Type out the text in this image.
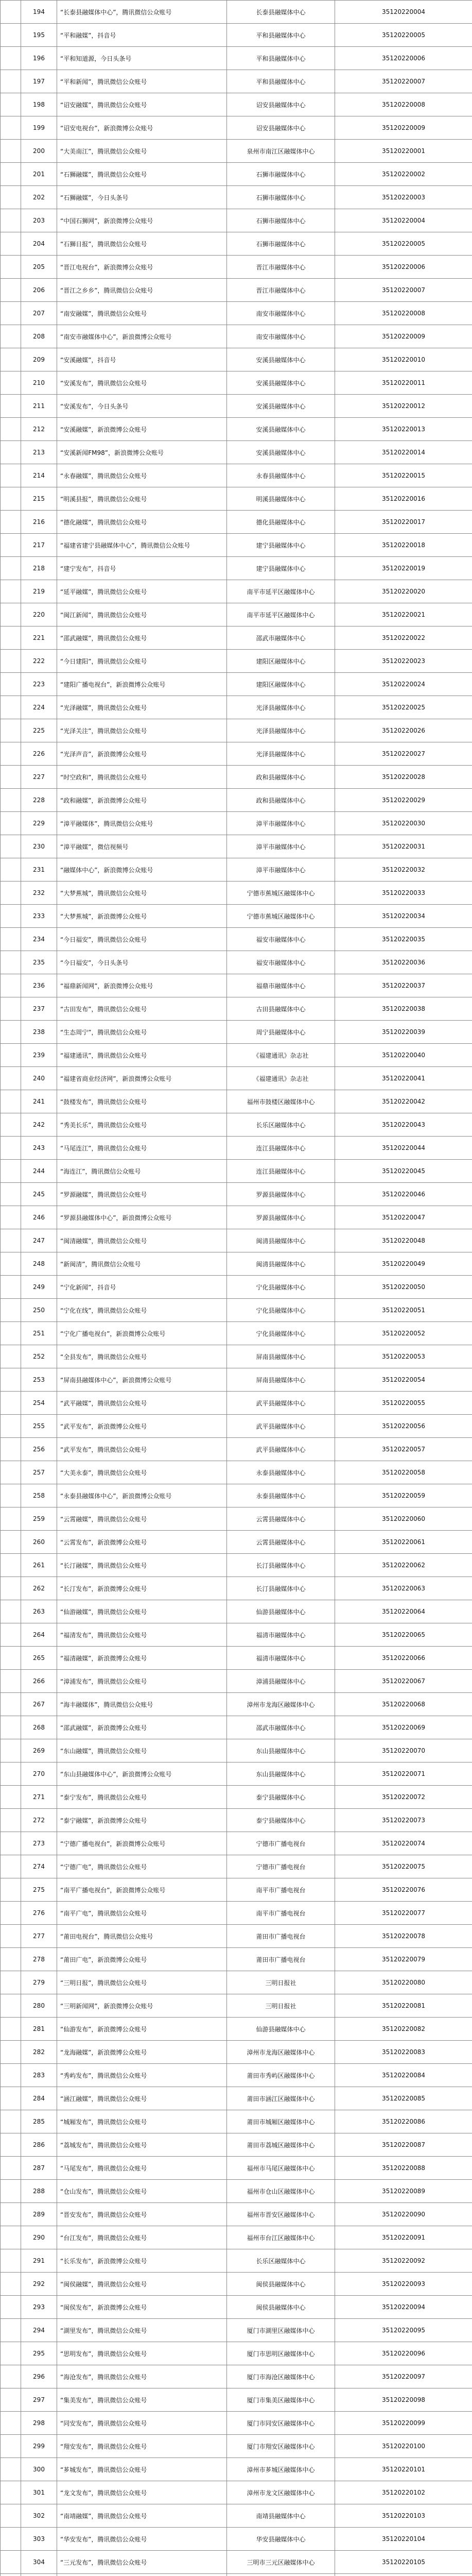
	194	“长泰县融媒体中心”，腾讯微信公众账号	长泰县融媒体中心	35120220004
	195	“平和融媒”，抖音号	平和县融媒体中心	35120220005
	196	“平和知道源，今日头条号	平和县融媒体中心	35120220006
	197	“平和新闻”，腾讯微信公众账号	平和县融媒体中心	35120220007
	198	“诏安融媒”，腾讯微信公众账号	诏安县融媒体中心	35120220008
	199	“诏安电视台”，新浪微博公众账号	诏安县融媒体中心	35120220009
	200	“大美南江”，腾讯微信公众账号	泉州市南江区融媒体中心	35120220001
	201	“石狮融媒”，腾讯微信公众账号	石狮市融媒体中心	35120220002
	202	“石狮融媒”，今日头条号	石狮市融媒体中心	35120220003
	203	“中国石狮网”，新浪微博公众账号	石狮市融媒体中心	35120220004
	204	“石狮日报”，腾讯微信公众账号	石狮市融媒体中心	35120220005
	205	“晋江电视台”，新浪微博公众账号	晋江市融媒体中心	35120220006
	206	“晋江之乡乡”，腾讯微信公众账号	晋江市融媒体中心	35120220007
	207	“南安融媒”，腾讯微信公众账号	南安市融媒体中心	35120220008
	208	“南安市融媒体中心”，新浪微博公众账号	南安市融媒体中心	35120220009
	209	“安溪融媒”，抖音号	安溪县融媒体中心	35120220010
	210	“安溪发布”，腾讯微信公众账号	安溪县融媒体中心	35120220011
	211	“安溪发布”，今日头条号	安溪县融媒体中心	35120220012
	212	“安溪融媒”，新浪微博公众账号	安溪县融媒体中心	35120220013
	213	“安溪新闻FM98”，新浪微博公众账号	安溪县融媒体中心	35120220014
	214	“永春融媒”，腾讯微信公众账号	永春县融媒体中心	35120220015
	215	“明溪县报”，腾讯微信公众账号	明溪县融媒体中心	35120220016
	216	“德化融媒”，腾讯微信公众账号	德化县融媒体中心	35120220017
	217	“福建省建宁县融媒体中心”，腾讯微信公众账号	建宁县融媒体中心	35120220018
	218	“建宁发布”，抖音号	建宁县融媒体中心	35120220019
	219	“延平融媒”，腾讯微信公众账号	南平市延平区融媒体中心	35120220020
	220	“闽江新闻”，腾讯微信公众账号	南平市延平区融媒体中心	35120220021
	221	“邵武融媒”，腾讯微信公众账号	邵武市融媒体中心	35120220022
	222	“今日建阳”，腾讯微信公众账号	建阳区融媒体中心	35120220023
	223	“建阳广播电视台”，新浪微博公众账号	建阳区融媒体中心	35120220024
	224	“光泽融媒”，腾讯微信公众账号	光泽县融媒体中心	35120220025
	225	“光泽关注”，腾讯微信公众账号	光泽县融媒体中心	35120220026
	226	“光泽声音”，新浪微博公众账号	光泽县融媒体中心	35120220027
	227	“时空政和”，腾讯微信公众账号	政和县融媒体中心	35120220028
	228	“政和融媒”，新浪微博公众账号	政和县融媒体中心	35120220029
	229	“漳平融媒体”，腾讯微信公众账号	漳平市融媒体中心	35120220030
	230	“漳平融媒”，微信视频号	漳平市融媒体中心	35120220031
	231	“融媒体中心”，新浪微博公众账号	漳平市融媒体中心	35120220032
	232	“大梦蕉城”，腾讯微信公众账号	宁德市蕉城区融媒体中心	35120220033
	233	“大梦蕉城”，新浪微博公众账号	宁德市蕉城区融媒体中心	35120220034
	234	“今日福安”，腾讯微信公众账号	福安市融媒体中心	35120220035
	235	“今日福安”，今日头条号	福安市融媒体中心	35120220036
	236	“福鼎新闻网”，新浪微博公众账号	福鼎市融媒体中心	35120220037
	237	“古田发布”，腾讯微信公众账号	古田县融媒体中心	35120220038
	238	“生态周宁”，腾讯微信公众账号	周宁县融媒体中心	35120220039
	239	“福建通讯”，腾讯微信公众账号	《福建通讯》杂志社	35120220040
	240	“福建省商业经济网”，新浪微博公众账号	《福建通讯》杂志社	35120220041
	241	“鼓楼发布”，腾讯微信公众账号	福州市鼓楼区融媒体中心	35120220042
	242	“秀美长乐”，腾讯微信公众账号	长乐区融媒体中心	35120220043
	243	“马尾连江”，腾讯微信公众账号	连江县融媒体中心	35120220044
	244	“海连江”，腾讯微信公众账号	连江县融媒体中心	35120220045
	245	“罗源融媒”，腾讯微信公众账号	罗源县融媒体中心	35120220046
	246	“罗源县融媒体中心”，新浪微博公众账号	罗源县融媒体中心	35120220047
	247	“闽清融媒”，腾讯微信公众账号	闽清县融媒体中心	35120220048
	248	“新闽清”，腾讯微信公众账号	闽清县融媒体中心	35120220049
	249	“宁化新闻”，抖音号	宁化县融媒体中心	35120220050
	250	“宁化在线”，腾讯微信公众账号	宁化县融媒体中心	35120220051
	251	“宁化广播电视台”，新浪微博公众账号	宁化县融媒体中心	35120220052
	252	“全县发布”，腾讯微信公众账号	屏南县融媒体中心	35120220053
	253	“屏南县融媒体中心”，新浪微博公众账号	屏南县融媒体中心	35120220054
	254	“武平融媒”，腾讯微信公众账号	武平县融媒体中心	35120220055
	255	“武平发布”，新浪微博公众账号	武平县融媒体中心	35120220056
	256	“武平发布”，腾讯微信公众账号	武平县融媒体中心	35120220057
	257	“大美永泰”，腾讯微信公众账号	永泰县融媒体中心	35120220058
	258	“永泰县融媒体中心”，新浪微博公众账号	永泰县融媒体中心	35120220059
	259	“云霄融媒”，腾讯微信公众账号	云霄县融媒体中心	35120220060
	260	“云霄发布”，新浪微博公众账号	云霄县融媒体中心	35120220061
	261	“长汀融媒”，腾讯微信公众账号	长汀县融媒体中心	35120220062
	262	“长汀发布”，新浪微博公众账号	长汀县融媒体中心	35120220063
	263	“仙游融媒”，腾讯微信公众账号	仙游县融媒体中心	35120220064
	264	“福清发布”，腾讯微信公众账号	福清市融媒体中心	35120220065
	265	“福清融媒”，新浪微博公众账号	福清市融媒体中心	35120220066
	266	“漳浦发布”，腾讯微信公众账号	漳浦县融媒体中心	35120220067
	267	“海丰融媒体”，腾讯微信公众账号	漳州市龙海区融媒体中心	35120220068
	268	“邵武融媒”，新浪微博公众账号	邵武市融媒体中心	35120220069
	269	“东山融媒”，腾讯微信公众账号	东山县融媒体中心	35120220070
	270	“东山县融媒体中心”，新浪微博公众账号	东山县融媒体中心	35120220071
	271	“泰宁发布”，腾讯微信公众账号	泰宁县融媒体中心	35120220072
	272	“泰宁融媒”，新浪微博公众账号	泰宁县融媒体中心	35120220073
	273	“宁德广播电视台”，新浪微博公众账号	宁德市广播电视台	35120220074
	274	“宁德广电”，腾讯微信公众账号	宁德市广播电视台	35120220075
	275	“南平广播电视台”，新浪微博公众账号	南平市广播电视台	35120220076
	276	“南平广电”，腾讯微信公众账号	南平市广播电视台	35120220077
	277	“莆田电视台”，腾讯微信公众账号	莆田市广播电视台	35120220078
	278	“莆田广电”，新浪微博公众账号	莆田市广播电视台	35120220079
	279	“三明日报”，腾讯微信公众账号	三明日报社	35120220080
	280	“三明新闻网”，新浪微博公众账号	三明日报社	35120220081
	281	“仙游发布”，新浪微博公众账号	仙游县融媒体中心	35120220082
	282	“龙海融媒”，新浪微博公众账号	漳州市龙海区融媒体中心	35120220083
	283	“秀屿发布”，腾讯微信公众账号	莆田市秀屿区融媒体中心	35120220084
	284	“涵江融媒”，腾讯微信公众账号	莆田市涵江区融媒体中心	35120220085
	285	“城厢发布”，腾讯微信公众账号	莆田市城厢区融媒体中心	35120220086
	286	“荔城发布”，腾讯微信公众账号	莆田市荔城区融媒体中心	35120220087
	287	“马尾发布”，腾讯微信公众账号	福州市马尾区融媒体中心	35120220088
	288	“仓山发布”，腾讯微信公众账号	福州市仓山区融媒体中心	35120220089
	289	“晋安发布”，腾讯微信公众账号	福州市晋安区融媒体中心	35120220090
	290	“台江发布”，腾讯微信公众账号	福州市台江区融媒体中心	35120220091
	291	“长乐发布”，新浪微博公众账号	长乐区融媒体中心	35120220092
	292	“闽侯融媒”，腾讯微信公众账号	闽侯县融媒体中心	35120220093
	293	“闽侯发布”，新浪微博公众账号	闽侯县融媒体中心	35120220094
	294	“湖里发布”，腾讯微信公众账号	厦门市湖里区融媒体中心	35120220095
	295	“思明发布”，腾讯微信公众账号	厦门市思明区融媒体中心	35120220096
	296	“海沧发布”，腾讯微信公众账号	厦门市海沧区融媒体中心	35120220097
	297	“集美发布”，腾讯微信公众账号	厦门市集美区融媒体中心	35120220098
	298	“同安发布”，腾讯微信公众账号	厦门市同安区融媒体中心	35120220099
	299	“翔安发布”，腾讯微信公众账号	厦门市翔安区融媒体中心	35120220100
	300	“芗城发布”，腾讯微信公众账号	漳州市芗城区融媒体中心	35120220101
	301	“龙文发布”，腾讯微信公众账号	漳州市龙文区融媒体中心	35120220102
	302	“南靖融媒”，腾讯微信公众账号	南靖县融媒体中心	35120220103
	303	“华安发布”，腾讯微信公众账号	华安县融媒体中心	35120220104
	304	“三元发布”，腾讯微信公众账号	三明市三元区融媒体中心	35120220105
